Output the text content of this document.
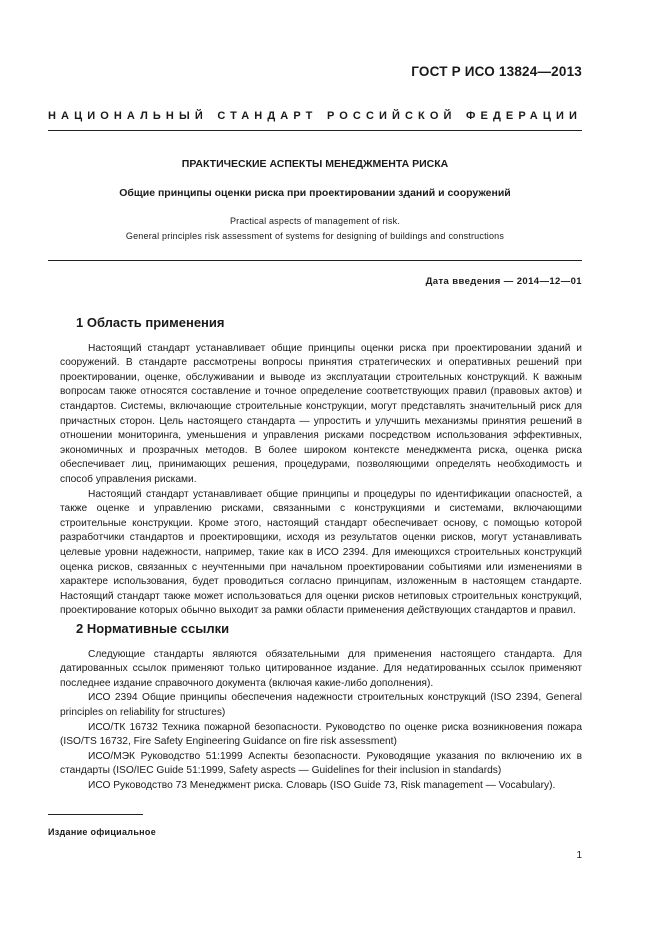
ГОСТ Р ИСО 13824—2013
НАЦИОНАЛЬНЫЙ СТАНДАРТ РОССИЙСКОЙ ФЕДЕРАЦИИ

ПРАКТИЧЕСКИЕ АСПЕКТЫ МЕНЕДЖМЕНТА РИСКА

Общие принципы оценки риска при проектировании зданий и сооружений

Practical aspects of management of risk.
General principles risk assessment of systems for designing of buildings and constructions

Дата введения — 2014—12—01
1 Область применения

Настоящий стандарт устанавливает общие принципы оценки риска при проектировании зданий и сооружений. В стандарте рассмотрены вопросы принятия стратегических и оперативных решений при проектировании, оценке, обслуживании и выводе из эксплуатации строительных конструкций. К важным вопросам также относятся составление и точное определение соответствующих правил (правовых актов) и стандартов. Системы, включающие строительные конструкции, могут представлять значительный риск для причастных сторон. Цель настоящего стандарта — упростить и улучшить механизмы принятия решений в отношении мониторинга, уменьшения и управления рисками посредством использования эффективных, экономичных и прозрачных методов. В более широком контексте менеджмента риска, оценка риска обеспечивает лиц, принимающих решения, процедурами, позволяющими определять необходимость и способ управления рисками.

Настоящий стандарт устанавливает общие принципы и процедуры по идентификации опасностей, а также оценке и управлению рисками, связанными с конструкциями и системами, включающими строительные конструкции. Кроме этого, настоящий стандарт обеспечивает основу, с помощью которой разработчики стандартов и проектировщики, исходя из результатов оценки рисков, могут устанавливать целевые уровни надежности, например, такие как в ИСО 2394. Для имеющихся строительных конструкций оценка рисков, связанных с неучтенными при начальном проектировании событиями или изменениями в характере использования, будет проводиться согласно принципам, изложенным в настоящем стандарте. Настоящий стандарт также может использоваться для оценки рисков нетиповых строительных конструкций, проектирование которых обычно выходит за рамки области применения действующих стандартов и правил.

2 Нормативные ссылки

Следующие стандарты являются обязательными для применения настоящего стандарта. Для датированных ссылок применяют только цитированное издание. Для недатированных ссылок применяют последнее издание справочного документа (включая какие-либо дополнения).

ИСО 2394 Общие принципы обеспечения надежности строительных конструкций (ISO 2394, General principles on reliability for structures)

ИСО/ТК 16732 Техника пожарной безопасности. Руководство по оценке риска возникновения пожара (ISO/TS 16732, Fire Safety Engineering Guidance on fire risk assessment)

ИСО/МЭК Руководство 51:1999 Аспекты безопасности. Руководящие указания по включению их в стандарты (ISO/IEC Guide 51:1999, Safety aspects — Guidelines for their inclusion in standards)

ИСО Руководство 73 Менеджмент риска. Словарь (ISO Guide 73, Risk management — Vocabulary).

Издание официальное
1
